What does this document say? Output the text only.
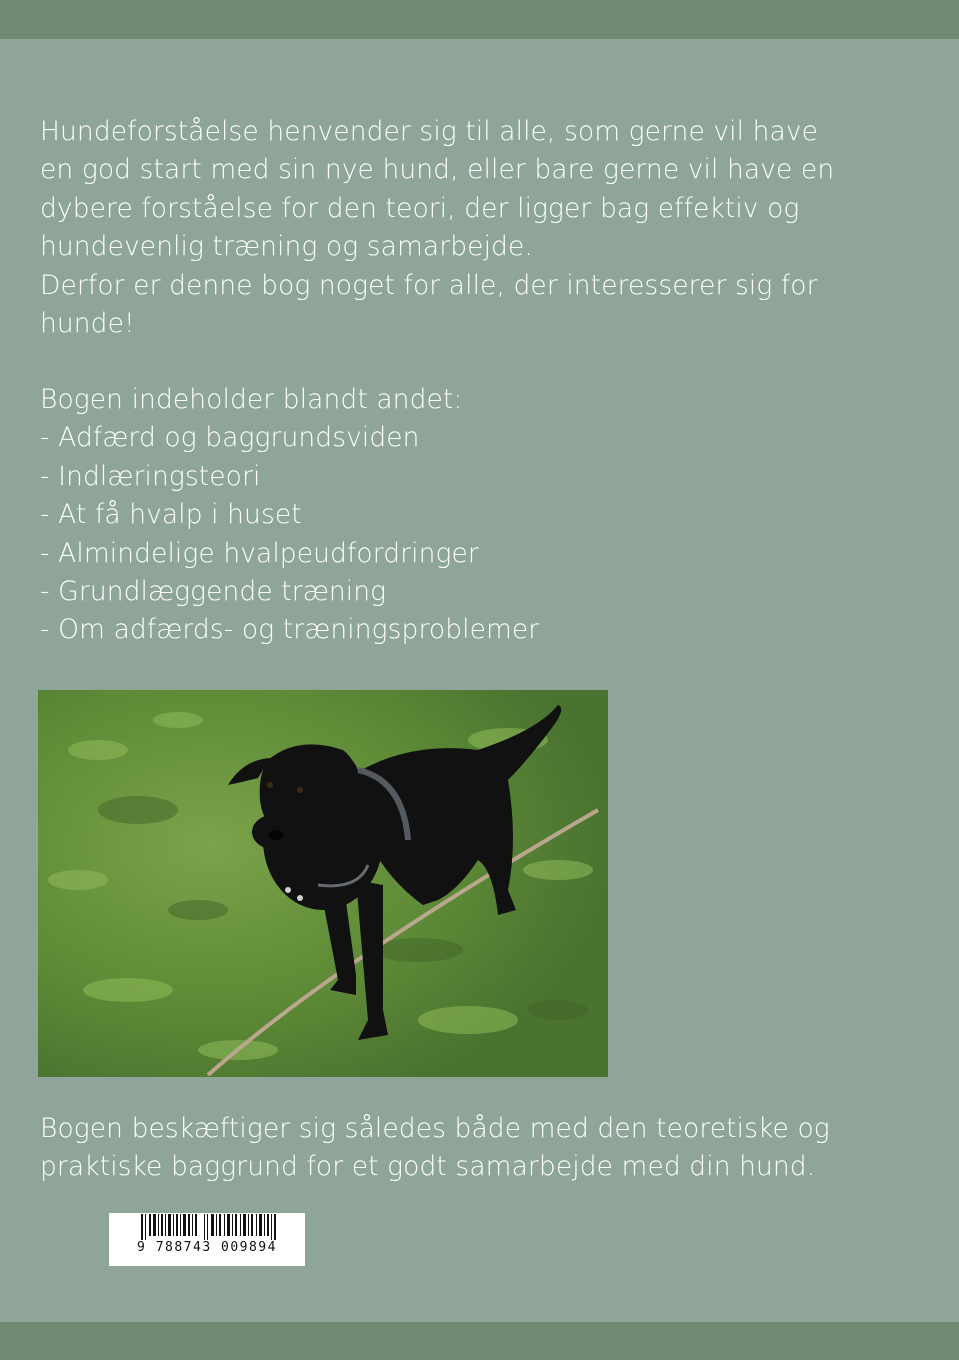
Hundeforståelse henvender sig til alle, som gerne vil have

en god start med sin nye hund, eller bare gerne vil have en

dybere forståelse for den teori, der ligger bag effektiv og

hundevenlig træning og samarbejde.

Derfor er denne bog noget for alle, der interesserer sig for

hunde!

Bogen indeholder blandt andet:

- Adfærd og baggrundsviden

- Indlæringsteori

- At få hvalp i huset

- Almindelige hvalpeudfordringer

- Grundlæggende træning

- Om adfærds- og træningsproblemer

Bogen beskæftiger sig således både med den teoretiske og

praktiske baggrund for et godt samarbejde med din hund.

9 788743 009894
